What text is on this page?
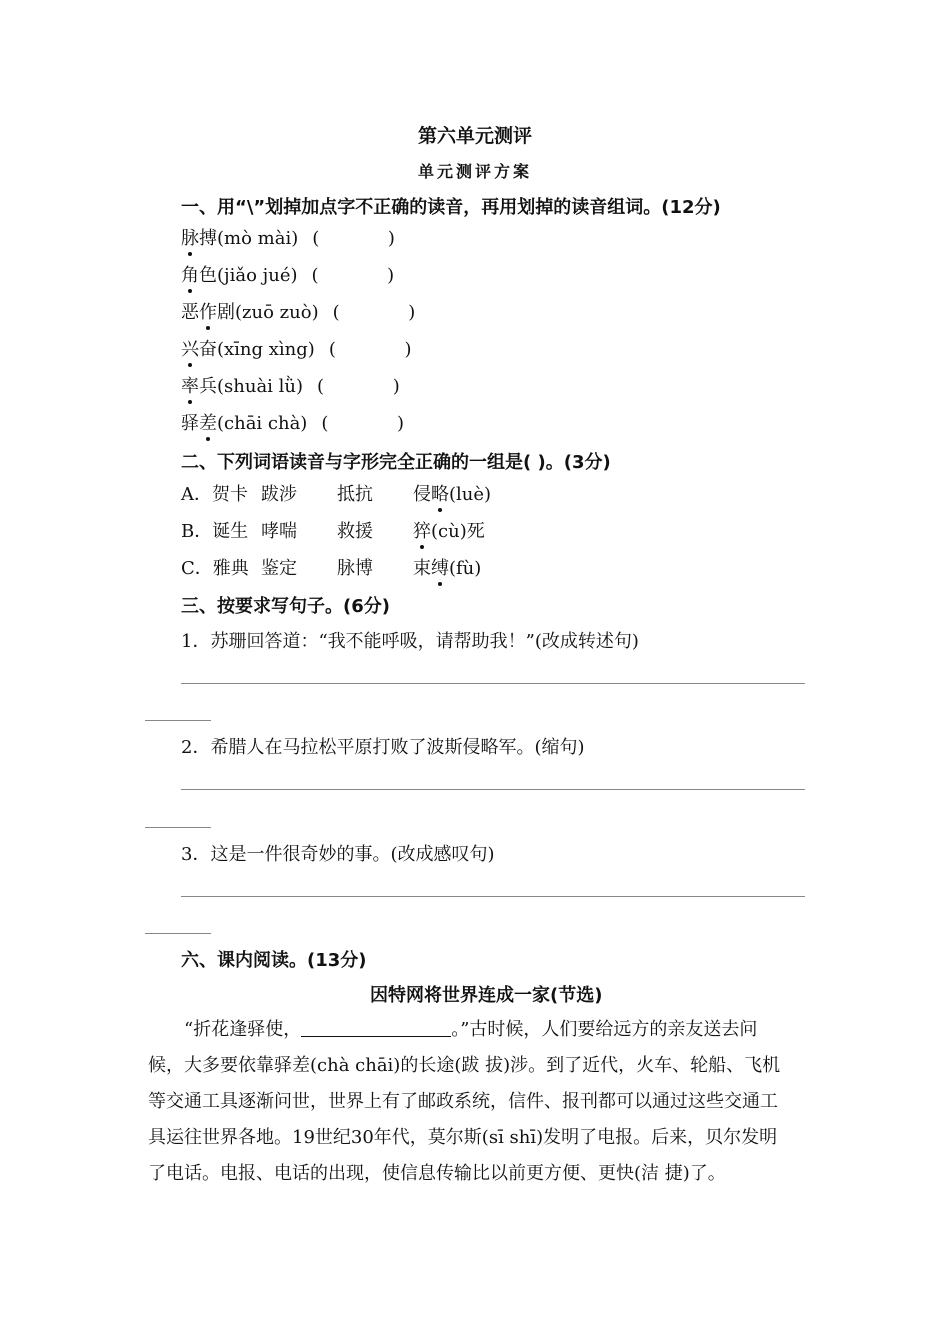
第六单元测评
单元测评方案
一、用“\”划掉加点字不正确的读音，再用划掉的读音组词。(12分)
脉搏(mò mài) (            )
角色(jiǎo jué) (            )
恶作剧(zuō zuò) (            )
兴奋(xīng xìng) (            )
率兵(shuài lǜ) (            )
驿差(chāi chà) (            )
二、下列词语读音与字形完全正确的一组是( )。(3分)
A．贺卡 跋涉 抵抗 侵略(luè)
B．诞生 哮喘 救援 猝(cù)死
C．雅典 鉴定 脉博 束缚(fù)
三、按要求写句子。(6分)
1．苏珊回答道：“我不能呼吸，请帮助我！”(改成转述句)
2．希腊人在马拉松平原打败了波斯侵略军。(缩句)
3．这是一件很奇妙的事。(改成感叹句)
六、课内阅读。(13分)
因特网将世界连成一家(节选)
“折花逢驿使，	。”古时候，人们要给远方的亲友送去问
候，大多要依靠驿差(chà chāi)的长途(跋 拔)涉。到了近代，火车、轮船、飞机
等交通工具逐渐问世，世界上有了邮政系统，信件、报刊都可以通过这些交通工
具运往世界各地。19世纪30年代，莫尔斯(sī shī)发明了电报。后来，贝尔发明
了电话。电报、电话的出现，使信息传输比以前更方便、更快(洁 捷)了。
